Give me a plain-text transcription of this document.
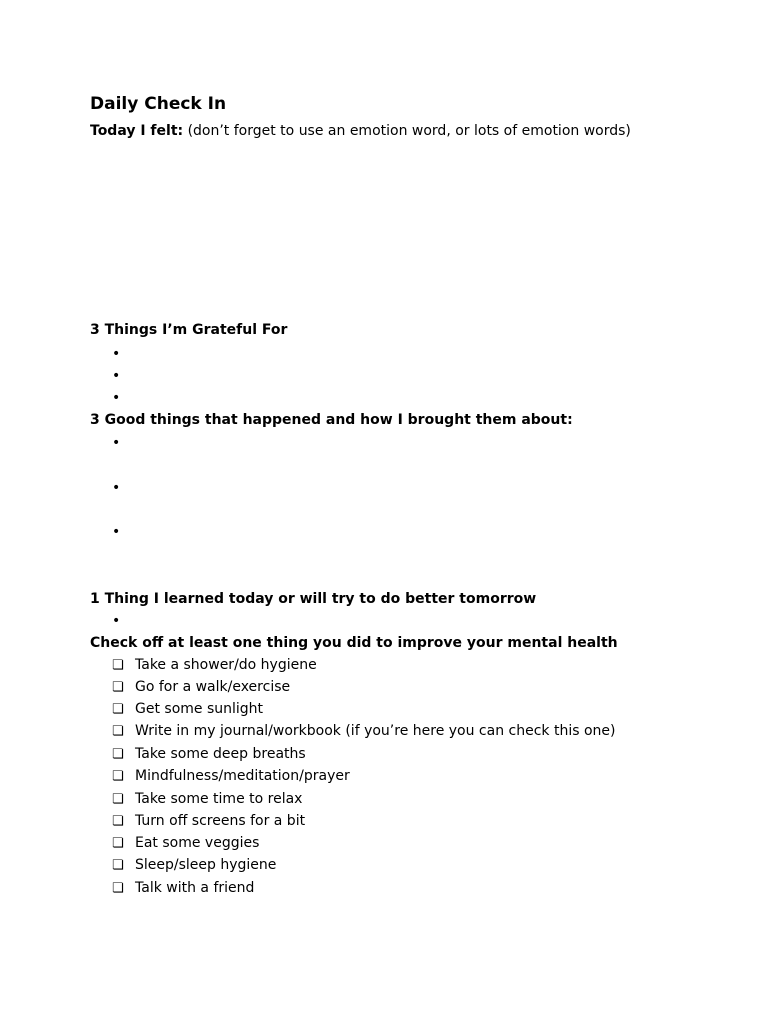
Daily Check In
Today I felt: (don’t forget to use an emotion word, or lots of emotion words)
3 Things I’m Grateful For
•
•
•
3 Good things that happened and how I brought them about:
•
•
•
1 Thing I learned today or will try to do better tomorrow
•
Check off at least one thing you did to improve your mental health
❏ Take a shower/do hygiene
❏ Go for a walk/exercise
❏ Get some sunlight
❏ Write in my journal/workbook (if you’re here you can check this one)
❏ Take some deep breaths
❏ Mindfulness/meditation/prayer
❏ Take some time to relax
❏ Turn off screens for a bit
❏ Eat some veggies
❏ Sleep/sleep hygiene
❏ Talk with a friend
